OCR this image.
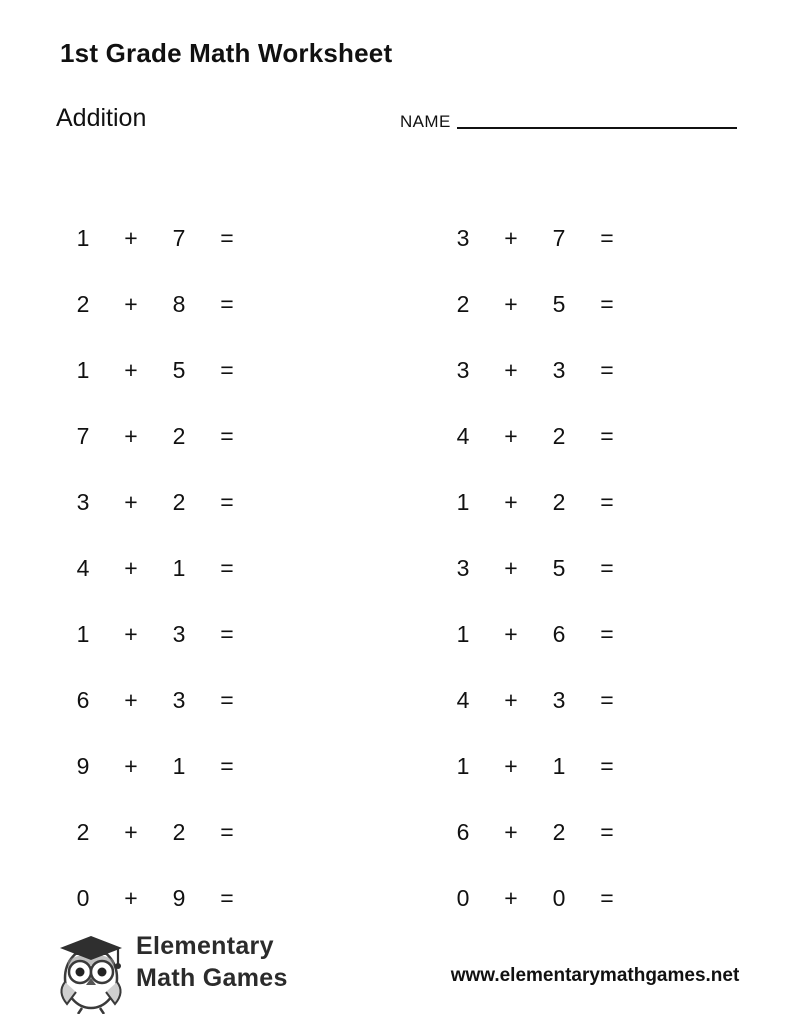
1st Grade Math Worksheet
Addition	NAME
1	+	7	=
2	+	8	=
1	+	5	=
7	+	2	=
3	+	2	=
4	+	1	=
1	+	3	=
6	+	3	=
9	+	1	=
2	+	2	=
0	+	9	=
3	+	7	=
2	+	5	=
3	+	3	=
4	+	2	=
1	+	2	=
3	+	5	=
1	+	6	=
4	+	3	=
1	+	1	=
6	+	2	=
0	+	0	=
Elementary
Math Games	www.elementarymathgames.net
